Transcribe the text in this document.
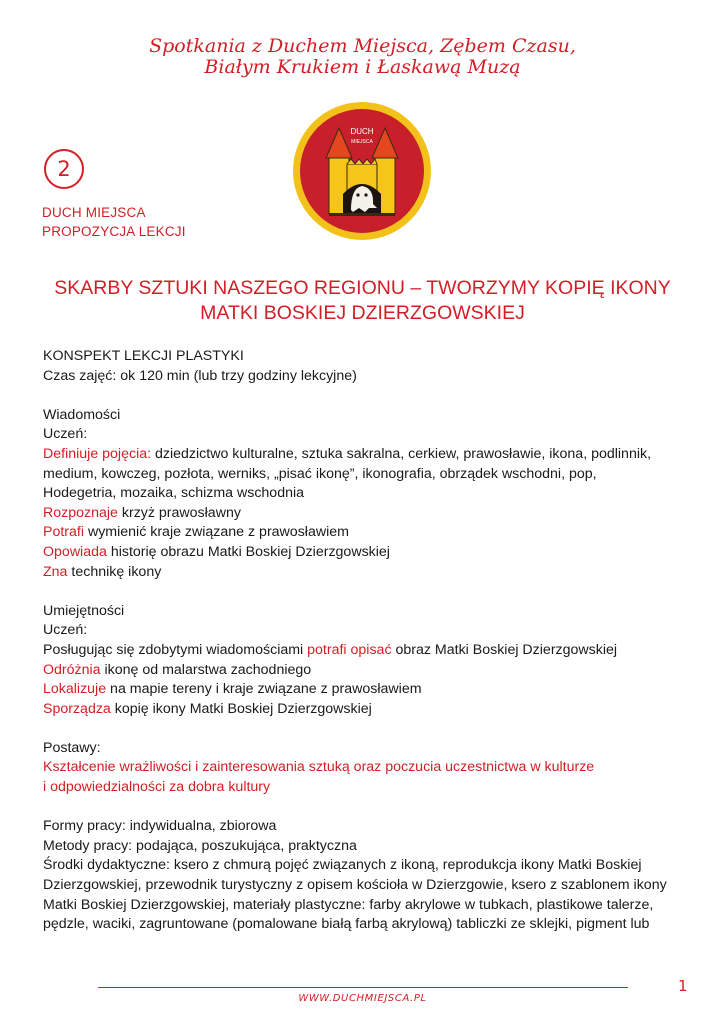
Spotkania z Duchem Miejsca, Zębem Czasu,
Białym Krukiem i Łaskawą Muzą
DUCH
MIEJSCA
2
DUCH MIEJSCA
PROPOZYCJA LEKCJI
SKARBY SZTUKI NASZEGO REGIONU – TWORZYMY KOPIĘ IKONY
MATKI BOSKIEJ DZIERZGOWSKIEJ

KONSPEKT LEKCJI PLASTYKI

Czas zajęć: ok 120 min (lub trzy godziny lekcyjne)

Wiadomości

Uczeń:

Definiuje pojęcia: dziedzictwo kulturalne, sztuka sakralna, cerkiew, prawosławie, ikona, podlinnik,

medium, kowczeg, pozłota, werniks, „pisać ikonę”, ikonografia, obrządek wschodni, pop,

Hodegetria, mozaika, schizma wschodnia

Rozpoznaje krzyż prawosławny

Potrafi wymienić kraje związane z prawosławiem

Opowiada historię obrazu Matki Boskiej Dzierzgowskiej

Zna technikę ikony

Umiejętności

Uczeń:

Posługując się zdobytymi wiadomościami potrafi opisać obraz Matki Boskiej Dzierzgowskiej

Odróżnia ikonę od malarstwa zachodniego

Lokalizuje na mapie tereny i kraje związane z prawosławiem

Sporządza kopię ikony Matki Boskiej Dzierzgowskiej

Postawy:

Kształcenie wrażliwości i zainteresowania sztuką oraz poczucia uczestnictwa w kulturze

i odpowiedzialności za dobra kultury

Formy pracy: indywidualna, zbiorowa

Metody pracy: podająca, poszukująca, praktyczna

Środki dydaktyczne: ksero z chmurą pojęć związanych z ikoną, reprodukcja ikony Matki Boskiej

Dzierzgowskiej, przewodnik turystyczny z opisem kościoła w Dzierzgowie, ksero z szablonem ikony

Matki Boskiej Dzierzgowskiej, materiały plastyczne: farby akrylowe w tubkach, plastikowe talerze,

pędzle, waciki, zagruntowane (pomalowane białą farbą akrylową) tabliczki ze sklejki, pigment lub

WWW.DUCHMIEJSCA.PL
1
